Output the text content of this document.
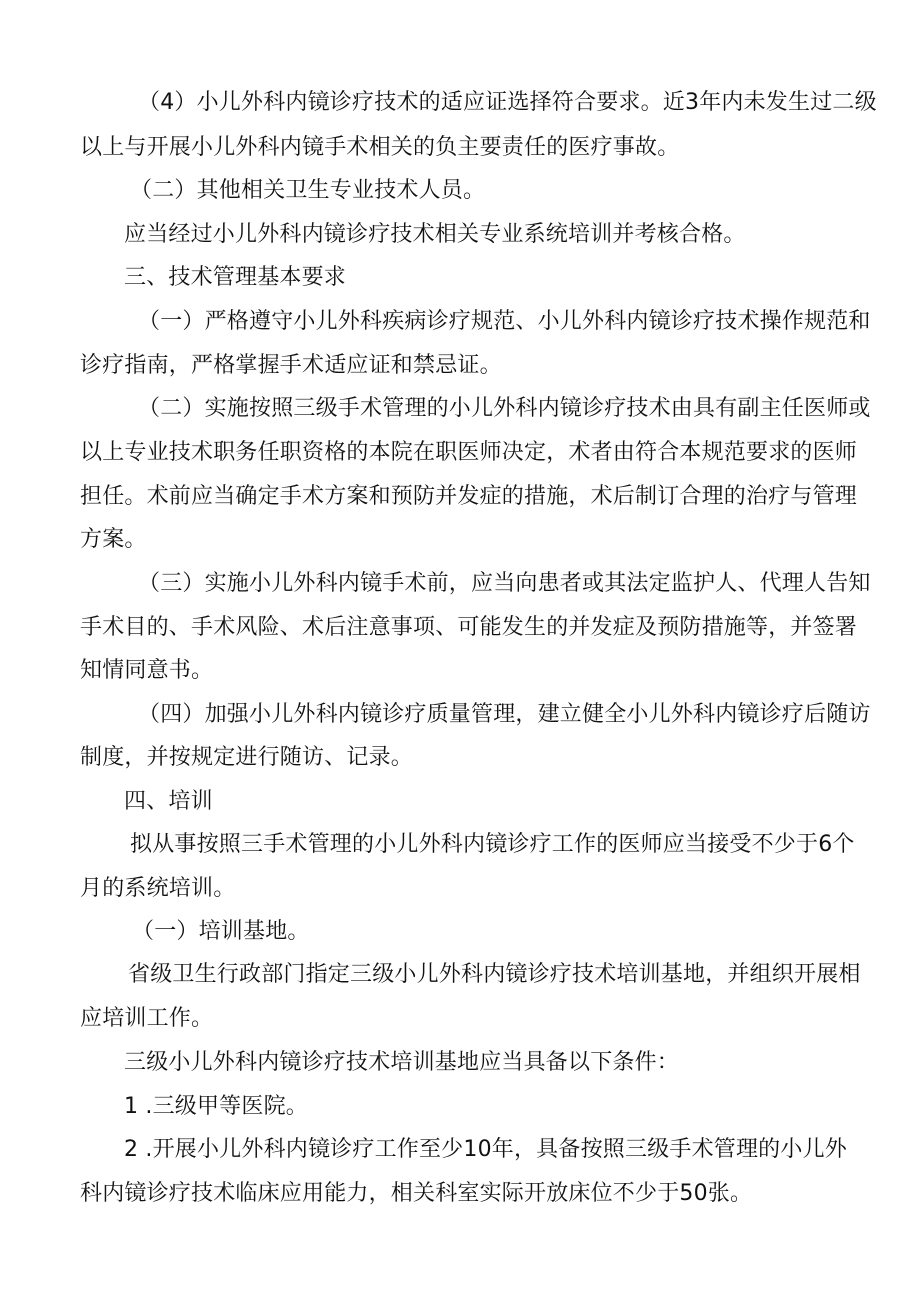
（4）小儿外科内镜诊疗技术的适应证选择符合要求。近3年内未发生过二级

以上与开展小儿外科内镜手术相关的负主要责任的医疗事故。

（二）其他相关卫生专业技术人员。

应当经过小儿外科内镜诊疗技术相关专业系统培训并考核合格。

三、技术管理基本要求

（一）严格遵守小儿外科疾病诊疗规范、小儿外科内镜诊疗技术操作规范和

诊疗指南，严格掌握手术适应证和禁忌证。

（二）实施按照三级手术管理的小儿外科内镜诊疗技术由具有副主任医师或

以上专业技术职务任职资格的本院在职医师决定，术者由符合本规范要求的医师

担任。术前应当确定手术方案和预防并发症的措施，术后制订合理的治疗与管理

方案。

（三）实施小儿外科内镜手术前，应当向患者或其法定监护人、代理人告知

手术目的、手术风险、术后注意事项、可能发生的并发症及预防措施等，并签署

知情同意书。

（四）加强小儿外科内镜诊疗质量管理，建立健全小儿外科内镜诊疗后随访

制度，并按规定进行随访、记录。

四、培训

拟从事按照三手术管理的小儿外科内镜诊疗工作的医师应当接受不少于6个

月的系统培训。

（一）培训基地。

省级卫生行政部门指定三级小儿外科内镜诊疗技术培训基地，并组织开展相

应培训工作。

三级小儿外科内镜诊疗技术培训基地应当具备以下条件：

1 .三级甲等医院。

2 .开展小儿外科内镜诊疗工作至少10年，具备按照三级手术管理的小儿外

科内镜诊疗技术临床应用能力，相关科室实际开放床位不少于50张。
